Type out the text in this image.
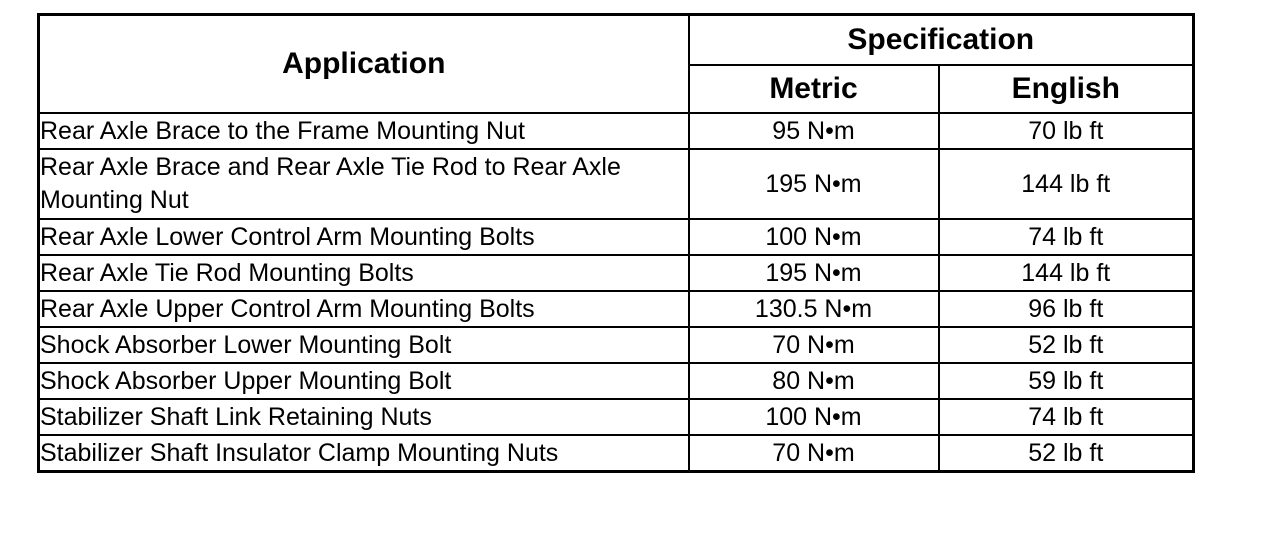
Application	Specification	
	Metric	English
Rear Axle Brace to the Frame Mounting Nut	95 N•m	70 lb ft
Rear Axle Brace and Rear Axle Tie Rod to Rear Axle Mounting Nut	195 N•m	144 lb ft
Rear Axle Lower Control Arm Mounting Bolts	100 N•m	74 lb ft
Rear Axle Tie Rod Mounting Bolts	195 N•m	144 lb ft
Rear Axle Upper Control Arm Mounting Bolts	130.5 N•m	96 lb ft
Shock Absorber Lower Mounting Bolt	70 N•m	52 lb ft
Shock Absorber Upper Mounting Bolt	80 N•m	59 lb ft
Stabilizer Shaft Link Retaining Nuts	100 N•m	74 lb ft
Stabilizer Shaft Insulator Clamp Mounting Nuts	70 N•m	52 lb ft
